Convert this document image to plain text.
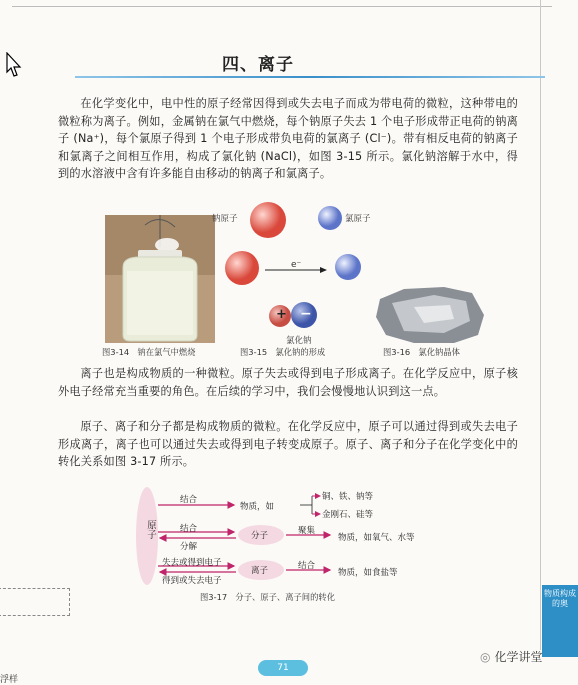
四、离子
在化学变化中，电中性的原子经常因得到或失去电子而成为带电荷的微粒，这种带电的微粒称为离子。例如，金属钠在氯气中燃烧，每个钠原子失去 1 个电子形成带正电荷的钠离子 (Na⁺)，每个氯原子得到 1 个电子形成带负电荷的氯离子 (Cl⁻)。带有相反电荷的钠离子和氯离子之间相互作用，构成了氯化钠 (NaCl)，如图 3-15 所示。氯化钠溶解于水中，得到的水溶液中含有许多能自由移动的钠离子和氯离子。
图3-14　钠在氯气中燃烧
钠原子	氯原子
e⁻
+ −
氯化钠
图3-15　氯化钠的形成	图3-16　氯化钠晶体
离子也是构成物质的一种微粒。原子失去或得到电子形成离子。在化学反应中，原子核外电子经常充当重要的角色。在后续的学习中，我们会慢慢地认识到这一点。
原子、离子和分子都是构成物质的微粒。在化学反应中，原子可以通过得到或失去电子形成离子，离子也可以通过失去或得到电子转变成原子。原子、离子和分子在化学变化中的转化关系如图 3-17 所示。
原子	分子
离子
结合
物质，如
铜、铁、钠等
金刚石、硅等
结合
分解
聚集
物质，如氧气、水等
失去或得到电子
得到或失去电子
结合
物质，如食盐等
图3-17　分子、原子、离子间的转化
浮样
物质构成的奥
71
◎ 化学讲堂
